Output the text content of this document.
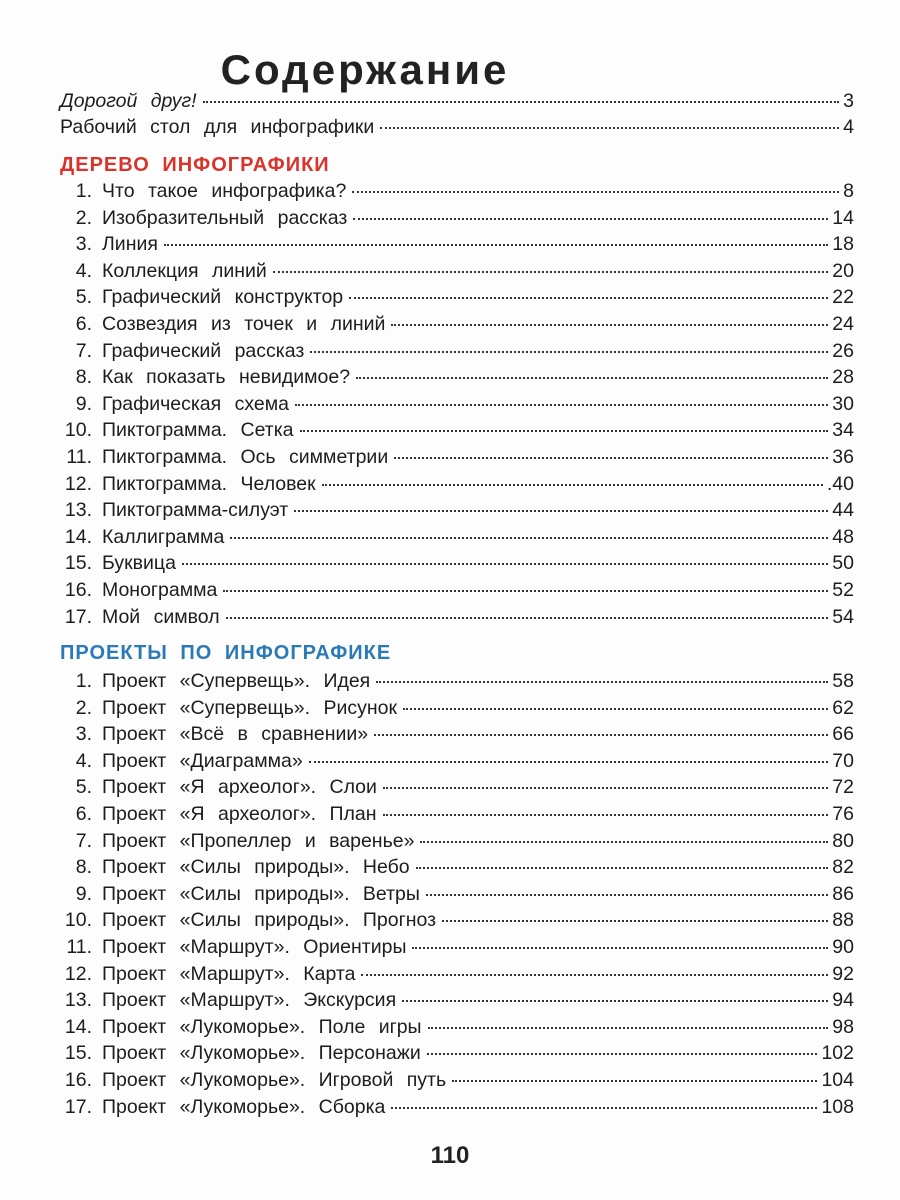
Содержание
Дорогой друг!	3
Рабочий стол для инфографики	4
ДЕРЕВО ИНФОГРАФИКИ
1. Что такое инфографика?	8
2. Изобразительный рассказ	14
3. Линия	18
4. Коллекция линий	20
5. Графический конструктор	22
6. Созвездия из точек и линий	24
7. Графический рассказ	26
8. Как показать невидимое?	28
9. Графическая схема	30
10. Пиктограмма. Сетка	34
11. Пиктограмма. Ось симметрии	36
12. Пиктограмма. Человек	.40
13. Пиктограмма-силуэт	44
14. Каллиграмма	48
15. Буквица	50
16. Монограмма	52
17. Мой символ	54
ПРОЕКТЫ ПО ИНФОГРАФИКЕ
1. Проект «Супервещь». Идея	58
2. Проект «Супервещь». Рисунок	62
3. Проект «Всё в сравнении»	66
4. Проект «Диаграмма»	70
5. Проект «Я археолог». Слои	72
6. Проект «Я археолог». План	76
7. Проект «Пропеллер и варенье»	80
8. Проект «Силы природы». Небо	82
9. Проект «Силы природы». Ветры	86
10. Проект «Силы природы». Прогноз	88
11. Проект «Маршрут». Ориентиры	90
12. Проект «Маршрут». Карта	92
13. Проект «Маршрут». Экскурсия	94
14. Проект «Лукоморье». Поле игры	98
15. Проект «Лукоморье». Персонажи	102
16. Проект «Лукоморье». Игровой путь	104
17. Проект «Лукоморье». Сборка	108
110
